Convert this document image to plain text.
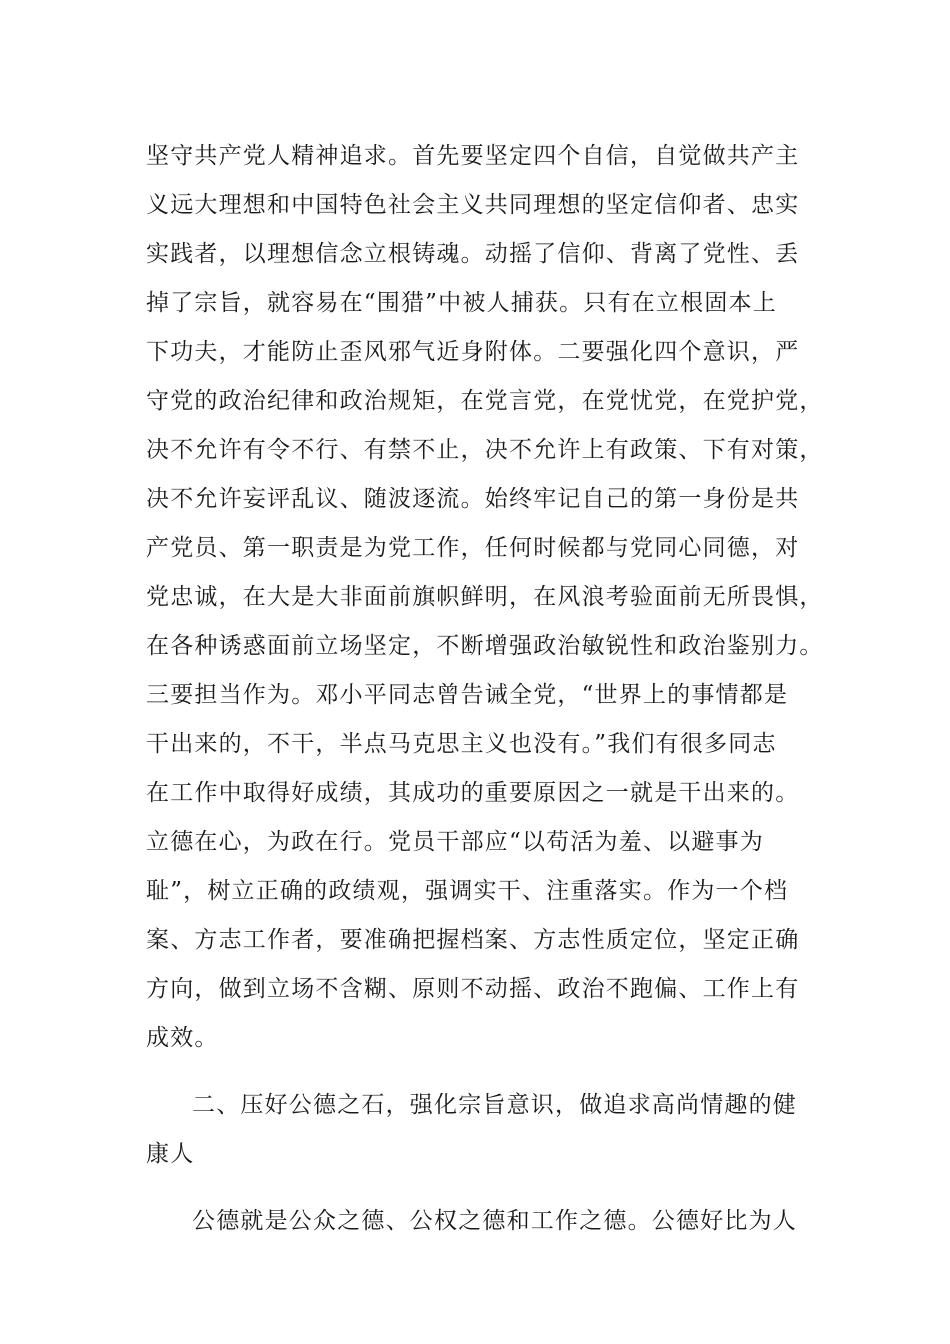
坚守共产党人精神追求。首先要坚定四个自信，自觉做共产主
义远大理想和中国特色社会主义共同理想的坚定信仰者、忠实
实践者，以理想信念立根铸魂。动摇了信仰、背离了党性、丢
掉了宗旨，就容易在“围猎”中被人捕获。只有在立根固本上
下功夫，才能防止歪风邪气近身附体。二要强化四个意识，严
守党的政治纪律和政治规矩，在党言党，在党忧党，在党护党，
决不允许有令不行、有禁不止，决不允许上有政策、下有对策，
决不允许妄评乱议、随波逐流。始终牢记自己的第一身份是共
产党员、第一职责是为党工作，任何时候都与党同心同德，对
党忠诚，在大是大非面前旗帜鲜明，在风浪考验面前无所畏惧，
在各种诱惑面前立场坚定，不断增强政治敏锐性和政治鉴别力。
三要担当作为。邓小平同志曾告诫全党，“世界上的事情都是
干出来的，不干，半点马克思主义也没有。”我们有很多同志
在工作中取得好成绩，其成功的重要原因之一就是干出来的。
立德在心，为政在行。党员干部应“以苟活为羞、以避事为
耻”，树立正确的政绩观，强调实干、注重落实。作为一个档
案、方志工作者，要准确把握档案、方志性质定位，坚定正确
方向，做到立场不含糊、原则不动摇、政治不跑偏、工作上有
成效。
二、压好公德之石，强化宗旨意识，做追求高尚情趣的健
康人
公德就是公众之德、公权之德和工作之德。公德好比为人
